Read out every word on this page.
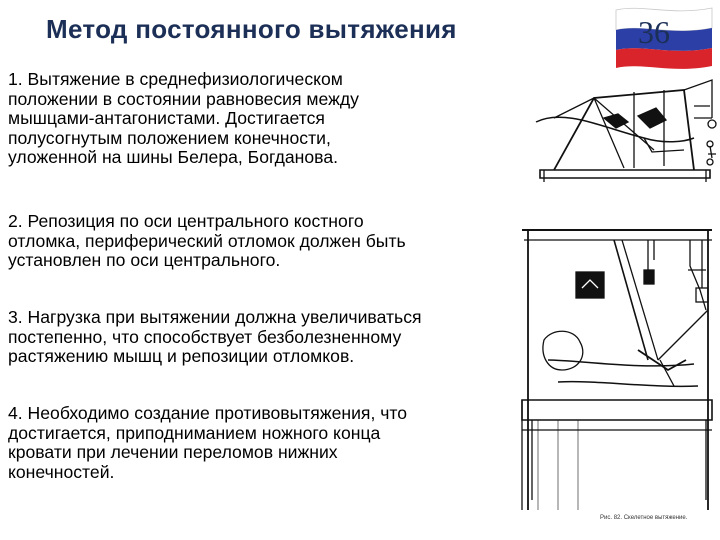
Метод постоянного вытяжения	36
1. Вытяжение в среднефизиологическом
положении в состоянии равновесия между
мышцами-антагонистами. Достигается
полусогнутым положением конечности,
уложенной на шины Белера, Богданова.
2. Репозиция по оси центрального костного
отломка, периферический отломок должен быть
установлен по оси центрального.
3. Нагрузка при вытяжении должна увеличиваться
постепенно, что способствует безболезненному
растяжению мышц и репозиции отломков.
4. Необходимо создание противовытяжения, что
достигается, приподниманием ножного конца
кровати при лечении переломов нижних
конечностей.
Рис. 82. Скелетное вытяжение.
